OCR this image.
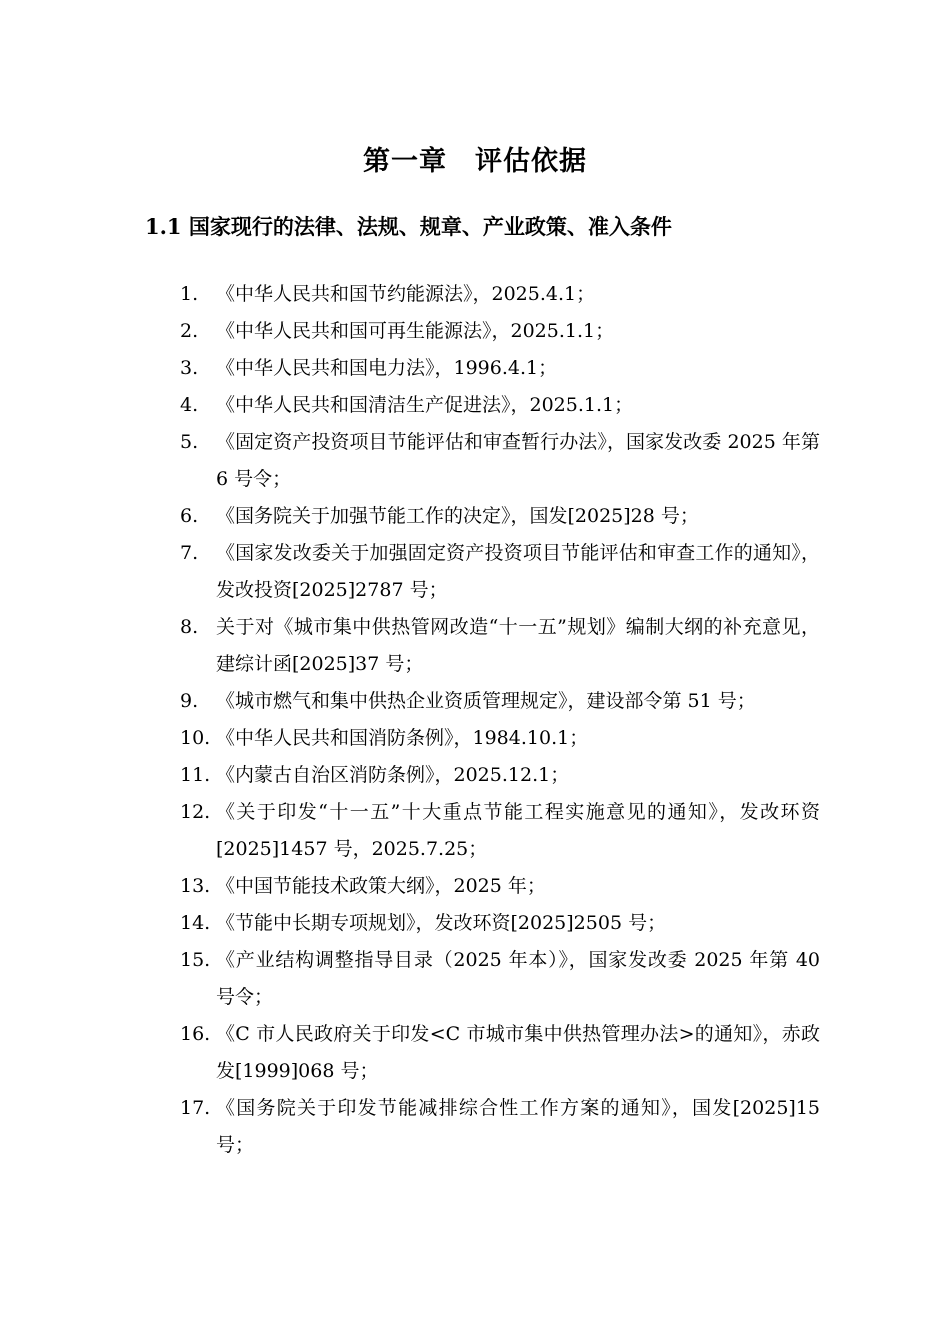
第一章　评估依据
1.1 国家现行的法律、法规、规章、产业政策、准入条件
1. 《中华人民共和国节约能源法》，2025.4.1；
2. 《中华人民共和国可再生能源法》，2025.1.1；
3. 《中华人民共和国电力法》，1996.4.1；
4. 《中华人民共和国清洁生产促进法》，2025.1.1；
5. 《固定资产投资项目节能评估和审查暂行办法》，国家发改委 2025 年第 6 号令；
6. 《国务院关于加强节能工作的决定》，国发[2025]28 号；
7. 《国家发改委关于加强固定资产投资项目节能评估和审查工作的通知》，发改投资[2025]2787 号；
8. 关于对《城市集中供热管网改造“十一五”规划》编制大纲的补充意见，建综计函[2025]37 号；
9. 《城市燃气和集中供热企业资质管理规定》，建设部令第 51 号；
10. 《中华人民共和国消防条例》，1984.10.1；
11. 《内蒙古自治区消防条例》，2025.12.1；
12. 《关于印发“十一五”十大重点节能工程实施意见的通知》，发改环资[2025]1457 号，2025.7.25；
13. 《中国节能技术政策大纲》，2025 年；
14. 《节能中长期专项规划》，发改环资[2025]2505 号；
15. 《产业结构调整指导目录（2025 年本）》，国家发改委 2025 年第 40 号令；
16. 《C 市人民政府关于印发<C 市城市集中供热管理办法>的通知》，赤政发[1999]068 号；
17. 《国务院关于印发节能减排综合性工作方案的通知》，国发[2025]15 号；
